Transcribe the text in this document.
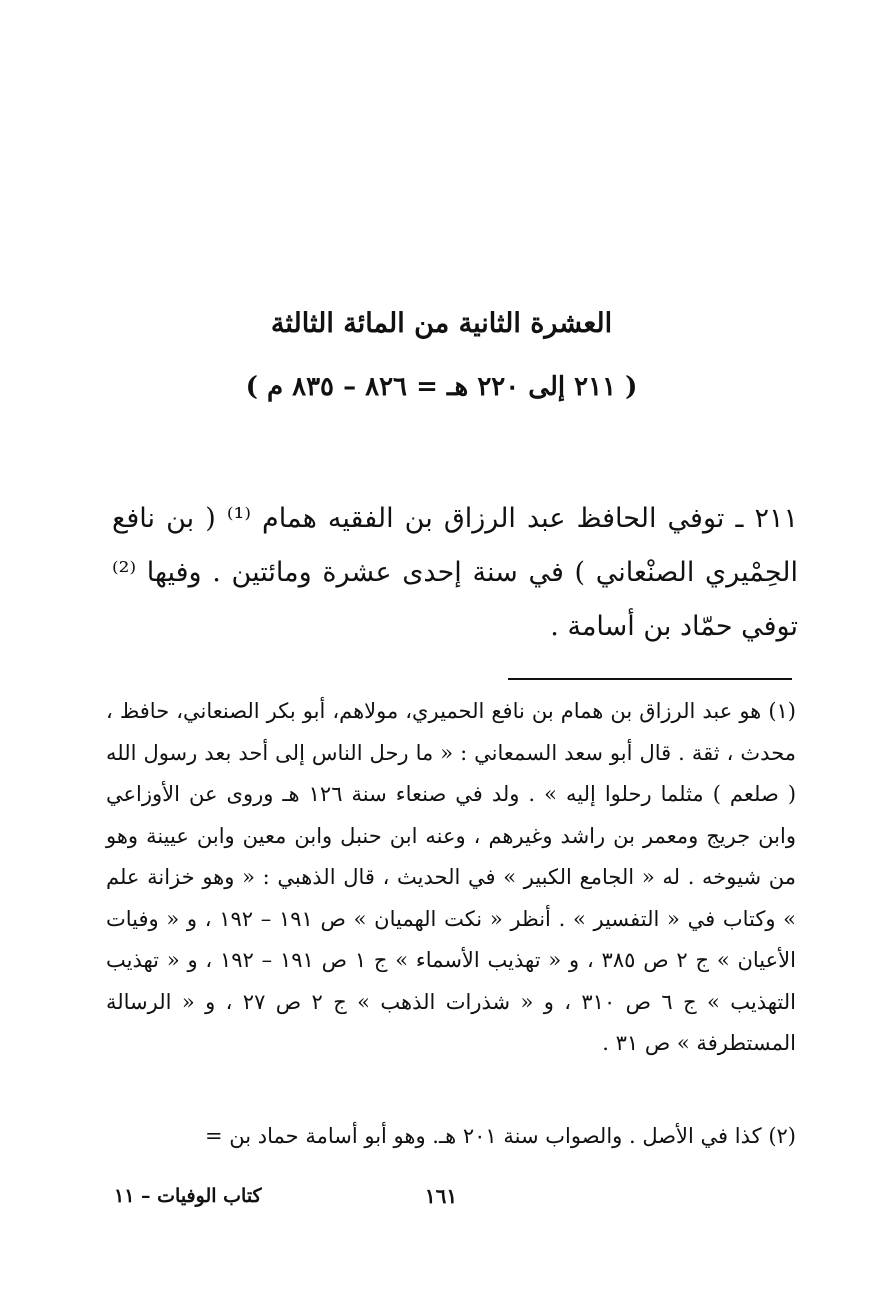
العشرة الثانية من المائة الثالثة
( ٢١١ إلى ٢٢٠ هـ = ٨٢٦ – ٨٣٥ م )
٢١١ ـ توفي الحافظ عبد الرزاق بن الفقيه همام ⁽¹⁾ ( بن نافع الحِمْيري الصنْعاني ) في سنة إحدى عشرة ومائتين . وفيها ⁽²⁾ توفي حمّاد بن أسامة .
(١) هو عبد الرزاق بن همام بن نافع الحميري، مولاهم، أبو بكر الصنعاني، حافظ ، محدث ، ثقة . قال أبو سعد السمعاني : « ما رحل الناس إلى أحد بعد رسول الله ( صلعم ) مثلما رحلوا إليه » . ولد في صنعاء سنة ١٢٦ هـ وروى عن الأوزاعي وابن جريج ومعمر بن راشد وغيرهم ، وعنه ابن حنبل وابن معين وابن عيينة وهو من شيوخه . له « الجامع الكبير » في الحديث ، قال الذهبي : « وهو خزانة علم » وكتاب في « التفسير » . أنظر « نكت الهميان » ص ١٩١ – ١٩٢ ، و « وفيات الأعيان » ج ٢ ص ٣٨٥ ، و « تهذيب الأسماء » ج ١ ص ١٩١ – ١٩٢ ، و « تهذيب التهذيب » ج ٦ ص ٣١٠ ، و « شذرات الذهب » ج ٢ ص ٢٧ ، و « الرسالة المستطرفة » ص ٣١ .
(٢) كذا في الأصل . والصواب سنة ٢٠١ هـ. وهو أبو أسامة حماد بن =
١٦١
كتاب الوفيات – ١١
